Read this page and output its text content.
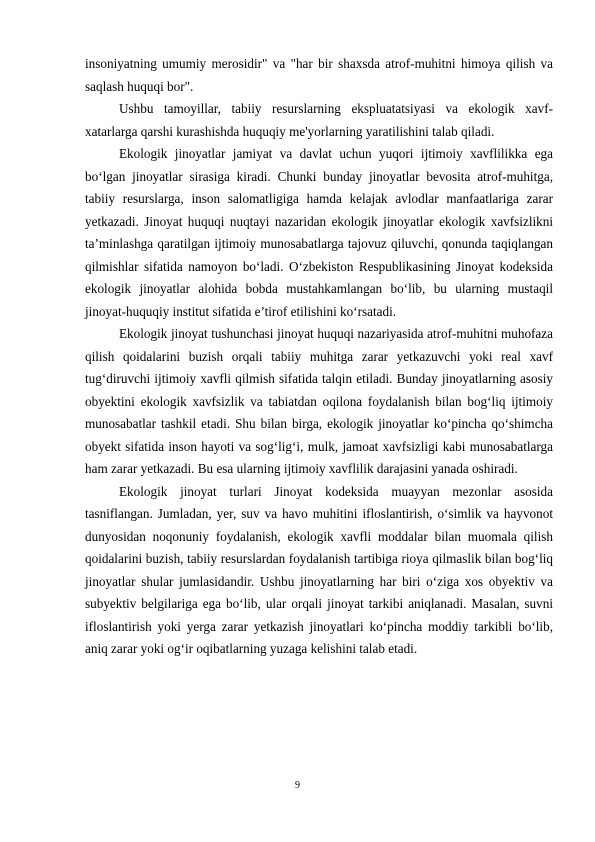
insoniyatning umumiy merosidir" va "har bir shaxsda atrof-muhitni himoya qilish va saqlash huquqi bor".

Ushbu tamoyillar, tabiiy resurslarning ekspluatatsiyasi va ekologik xavf-xatarlarga qarshi kurashishda huquqiy me'yorlarning yaratilishini talab qiladi.

Ekologik jinoyatlar jamiyat va davlat uchun yuqori ijtimoiy xavflilikka ega bo‘lgan jinoyatlar sirasiga kiradi. Chunki bunday jinoyatlar bevosita atrof-muhitga, tabiiy resurslarga, inson salomatligiga hamda kelajak avlodlar manfaatlariga zarar yetkazadi. Jinoyat huquqi nuqtayi nazaridan ekologik jinoyatlar ekologik xavfsizlikni ta’minlashga qaratilgan ijtimoiy munosabatlarga tajovuz qiluvchi, qonunda taqiqlangan qilmishlar sifatida namoyon bo‘ladi. O‘zbekiston Respublikasining Jinoyat kodeksida ekologik jinoyatlar alohida bobda mustahkamlangan bo‘lib, bu ularning mustaqil jinoyat-huquqiy institut sifatida e’tirof etilishini ko‘rsatadi.

Ekologik jinoyat tushunchasi jinoyat huquqi nazariyasida atrof-muhitni muhofaza qilish qoidalarini buzish orqali tabiiy muhitga zarar yetkazuvchi yoki real xavf tug‘diruvchi ijtimoiy xavfli qilmish sifatida talqin etiladi. Bunday jinoyatlarning asosiy obyektini ekologik xavfsizlik va tabiatdan oqilona foydalanish bilan bog‘liq ijtimoiy munosabatlar tashkil etadi. Shu bilan birga, ekologik jinoyatlar ko‘pincha qo‘shimcha obyekt sifatida inson hayoti va sog‘lig‘i, mulk, jamoat xavfsizligi kabi munosabatlarga ham zarar yetkazadi. Bu esa ularning ijtimoiy xavflilik darajasini yanada oshiradi.

Ekologik jinoyat turlari Jinoyat kodeksida muayyan mezonlar asosida tasniflangan. Jumladan, yer, suv va havo muhitini ifloslantirish, o‘simlik va hayvonot dunyosidan noqonuniy foydalanish, ekologik xavfli moddalar bilan muomala qilish qoidalarini buzish, tabiiy resurslardan foydalanish tartibiga rioya qilmaslik bilan bog‘liq jinoyatlar shular jumlasidandir. Ushbu jinoyatlarning har biri o‘ziga xos obyektiv va subyektiv belgilariga ega bo‘lib, ular orqali jinoyat tarkibi aniqlanadi. Masalan, suvni ifloslantirish yoki yerga zarar yetkazish jinoyatlari ko‘pincha moddiy tarkibli bo‘lib, aniq zarar yoki og‘ir oqibatlarning yuzaga kelishini talab etadi.

9
